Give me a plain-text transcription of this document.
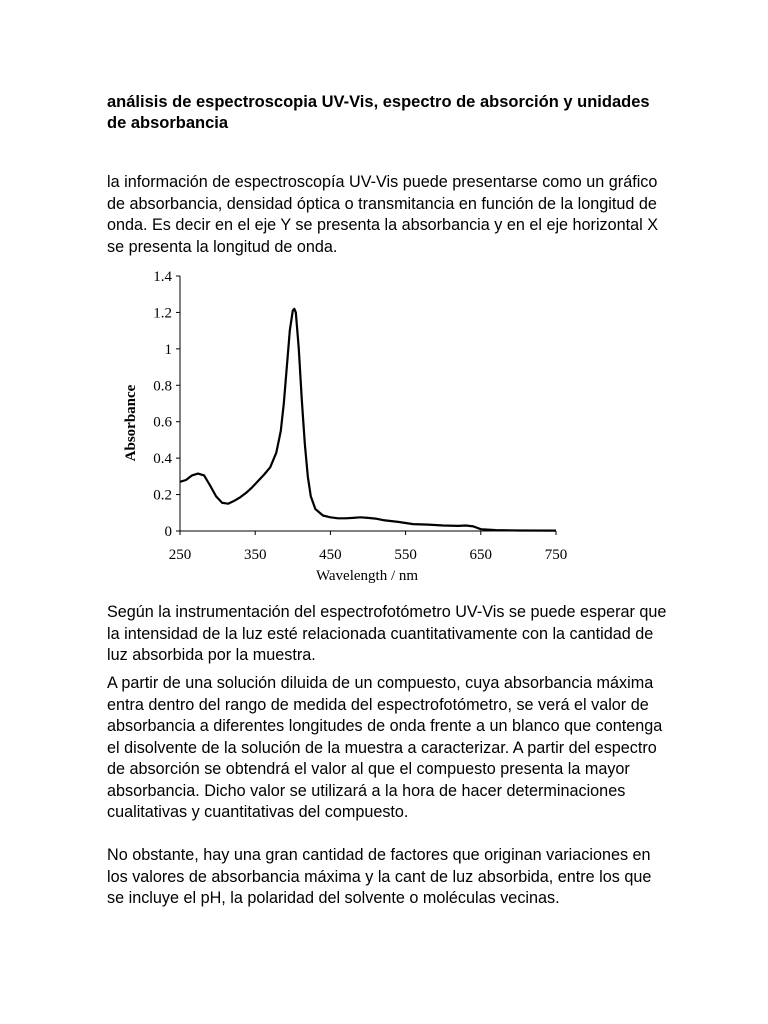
análisis de espectroscopia UV-Vis, espectro de absorción y unidades de absorbancia

la información de espectroscopía UV-Vis puede presentarse como un gráfico de absorbancia, densidad óptica o transmitancia en función de la longitud de onda. Es decir en el eje Y se presenta la absorbancia y en el eje horizontal X se presenta la longitud de onda.

0
0.2
0.4
0.6
0.8
1
1.2
1.4
250	350	450	550	650	750
Wavelength / nm
Absorbance

Según la instrumentación del espectrofotómetro UV-Vis se puede esperar que la intensidad de la luz esté relacionada cuantitativamente con la cantidad de luz absorbida por la muestra.

A partir de una solución diluida de un compuesto, cuya absorbancia máxima entra dentro del rango de medida del espectrofotómetro, se verá el valor de absorbancia a diferentes longitudes de onda frente a un blanco que contenga el disolvente de la solución de la muestra a caracterizar. A partir del espectro de absorción se obtendrá el valor al que el compuesto presenta la mayor absorbancia. Dicho valor se utilizará a la hora de hacer determinaciones cualitativas y cuantitativas del compuesto.

No obstante, hay una gran cantidad de factores que originan variaciones en los valores de absorbancia máxima y la cant de luz absorbida, entre los que se incluye el pH, la polaridad del solvente o moléculas vecinas.
